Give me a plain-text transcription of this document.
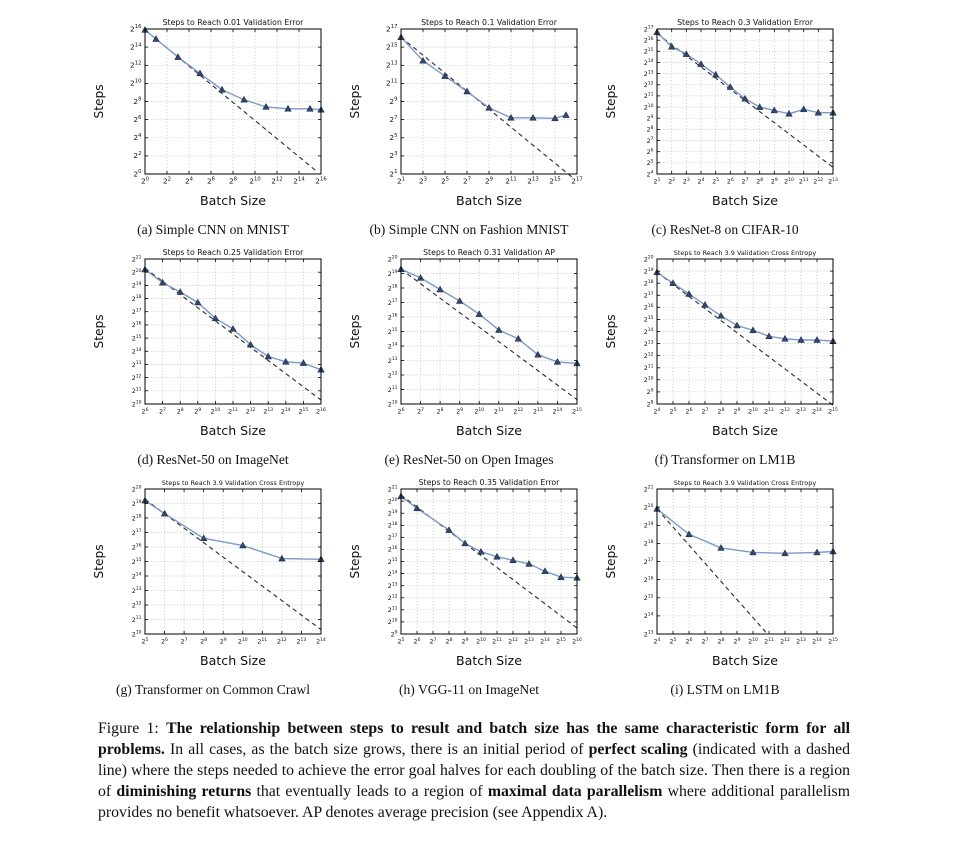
$2^0$ $2^2$ $2^4$ $2^6$ $2^8$ $2^{10}$ $2^{12}$ $2^{14}$ $2^{16}$
$2^0$
$2^2$
$2^4$
$2^6$
$2^8$
$2^{10}$
$2^{12}$
$2^{14}$
$2^{16}$
Steps to Reach 0.01 Validation Error
Batch Size
Steps
(a) Simple CNN on MNIST
$2^1$ $2^3$ $2^5$ $2^7$ $2^9$ $2^{11}$ $2^{13}$ $2^{15}$ $2^{17}$
$2^1$
$2^3$
$2^5$
$2^7$
$2^9$
$2^{11}$
$2^{13}$
$2^{15}$
$2^{17}$
Steps to Reach 0.1 Validation Error
Batch Size
Steps
(b) Simple CNN on Fashion MNIST
$2^1$ $2^2$ $2^3$ $2^4$ $2^5$ $2^6$ $2^7$ $2^8$ $2^9$ $2^{10}$ $2^{11}$ $2^{12}$ $2^{13}$
$2^4$
$2^5$
$2^6$
$2^7$
$2^8$
$2^9$
$2^{10}$
$2^{11}$
$2^{12}$
$2^{13}$
$2^{14}$
$2^{15}$
$2^{16}$
$2^{17}$
Steps to Reach 0.3 Validation Error
Batch Size
Steps
(c) ResNet-8 on CIFAR-10
$2^6$ $2^7$ $2^8$ $2^9$ $2^{10}$ $2^{11}$ $2^{12}$ $2^{13}$ $2^{14}$ $2^{15}$ $2^{16}$
$2^{10}$
$2^{11}$
$2^{12}$
$2^{13}$
$2^{14}$
$2^{15}$
$2^{16}$
$2^{17}$
$2^{18}$
$2^{19}$
$2^{20}$
$2^{21}$
Steps to Reach 0.25 Validation Error
Batch Size
Steps
(d) ResNet-50 on ImageNet
$2^6$ $2^7$ $2^8$ $2^9$ $2^{10}$ $2^{11}$ $2^{12}$ $2^{13}$ $2^{14}$ $2^{15}$
$2^{10}$
$2^{11}$
$2^{12}$
$2^{13}$
$2^{14}$
$2^{15}$
$2^{16}$
$2^{17}$
$2^{18}$
$2^{19}$
$2^{20}$
Steps to Reach 0.31 Validation AP
Batch Size
Steps
(e) ResNet-50 on Open Images
$2^4$ $2^5$ $2^6$ $2^7$ $2^8$ $2^9$ $2^{10}$ $2^{11}$ $2^{12}$ $2^{13}$ $2^{14}$ $2^{15}$
$2^8$
$2^9$
$2^{10}$
$2^{11}$
$2^{12}$
$2^{13}$
$2^{14}$
$2^{15}$
$2^{16}$
$2^{17}$
$2^{18}$
$2^{19}$
$2^{20}$
Steps to Reach 3.9 Validation Cross Entropy
Batch Size
Steps
(f) Transformer on LM1B
$2^5$ $2^6$ $2^7$ $2^8$ $2^9$ $2^{10}$ $2^{11}$ $2^{12}$ $2^{13}$ $2^{14}$
$2^{10}$
$2^{11}$
$2^{12}$
$2^{13}$
$2^{14}$
$2^{15}$
$2^{16}$
$2^{17}$
$2^{18}$
$2^{19}$
$2^{20}$
Steps to Reach 3.9 Validation Cross Entropy
Batch Size
Steps
(g) Transformer on Common Crawl
$2^5$ $2^6$ $2^7$ $2^8$ $2^9$ $2^{10}$ $2^{11}$ $2^{12}$ $2^{13}$ $2^{14}$ $2^{15}$ $2^{16}$
$2^9$
$2^{10}$
$2^{11}$
$2^{12}$
$2^{13}$
$2^{14}$
$2^{15}$
$2^{16}$
$2^{17}$
$2^{18}$
$2^{19}$
$2^{20}$
$2^{21}$
Steps to Reach 0.35 Validation Error
Batch Size
Steps
(h) VGG-11 on ImageNet
$2^4$ $2^5$ $2^6$ $2^7$ $2^8$ $2^9$ $2^{10}$ $2^{11}$ $2^{12}$ $2^{13}$ $2^{14}$ $2^{15}$
$2^{13}$
$2^{14}$
$2^{15}$
$2^{16}$
$2^{17}$
$2^{18}$
$2^{19}$
$2^{20}$
$2^{21}$
Steps to Reach 3.9 Validation Cross Entropy
Batch Size
Steps
(i) LSTM on LM1B

Figure 1: The relationship between steps to result and batch size has the same characteristic form for all problems. In all cases, as the batch size grows, there is an initial period of perfect scaling (indicated with a dashed line) where the steps needed to achieve the error goal halves for each doubling of the batch size. Then there is a region of diminishing returns that eventually leads to a region of maximal data parallelism where additional parallelism provides no benefit whatsoever. AP denotes average precision (see Appendix A).
